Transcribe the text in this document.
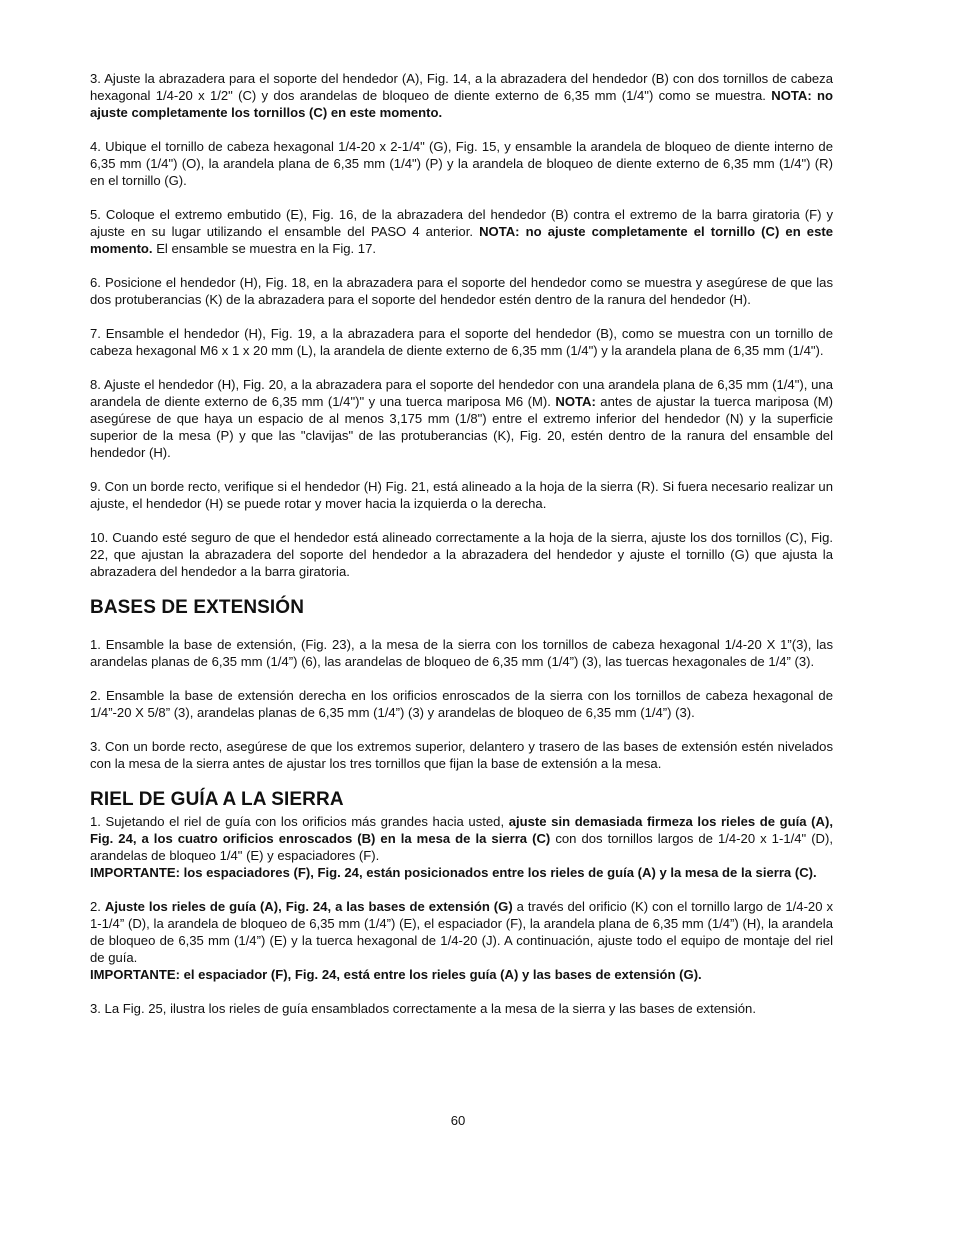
3. Ajuste la abrazadera para el soporte del hendedor (A), Fig. 14, a la abrazadera del hendedor (B) con dos tornillos de cabeza hexagonal 1/4-20 x 1/2" (C) y dos arandelas de bloqueo de diente externo de 6,35 mm (1/4") como se muestra. NOTA: no ajuste completamente los tornillos (C) en este momento.

4. Ubique el tornillo de cabeza hexagonal 1/4-20 x 2-1/4" (G), Fig. 15, y ensamble la arandela de bloqueo de diente interno de 6,35 mm (1/4") (O), la arandela plana de 6,35 mm (1/4") (P) y la arandela de bloqueo de diente externo de 6,35 mm (1/4") (R) en el tornillo (G).

5. Coloque el extremo embutido (E), Fig. 16, de la abrazadera del hendedor (B) contra el extremo de la barra giratoria (F) y ajuste en su lugar utilizando el ensamble del PASO 4 anterior. NOTA: no ajuste completamente el tornillo (C) en este momento. El ensamble se muestra en la Fig. 17.

6. Posicione el hendedor (H), Fig. 18, en la abrazadera para el soporte del hendedor como se muestra y asegúrese de que las dos protuberancias (K) de la abrazadera para el soporte del hendedor estén dentro de la ranura del hendedor (H).

7. Ensamble el hendedor (H), Fig. 19, a la abrazadera para el soporte del hendedor (B), como se muestra con un tornillo de cabeza hexagonal M6 x 1 x 20 mm (L), la arandela de diente externo de 6,35 mm (1/4") y la arandela plana de 6,35 mm (1/4").

8. Ajuste el hendedor (H), Fig. 20, a la abrazadera para el soporte del hendedor con una arandela plana de 6,35 mm (1/4"), una arandela de diente externo de 6,35 mm (1/4")" y una tuerca mariposa M6 (M). NOTA: antes de ajustar la tuerca mariposa (M) asegúrese de que haya un espacio de al menos 3,175 mm (1/8") entre el extremo inferior del hendedor (N) y la superficie superior de la mesa (P) y que las "clavijas" de las protuberancias (K), Fig. 20, estén dentro de la ranura del ensamble del hendedor (H).

9. Con un borde recto, verifique si el hendedor (H) Fig. 21, está alineado a la hoja de la sierra (R). Si fuera necesario realizar un ajuste, el hendedor (H) se puede rotar y mover hacia la izquierda o la derecha.

10. Cuando esté seguro de que el hendedor está alineado correctamente a la hoja de la sierra, ajuste los dos tornillos (C), Fig. 22, que ajustan la abrazadera del soporte del hendedor a la abrazadera del hendedor y ajuste el tornillo (G) que ajusta la abrazadera del hendedor a la barra giratoria.

BASES DE EXTENSIÓN

1. Ensamble la base de extensión, (Fig. 23), a la mesa de la sierra con los tornillos de cabeza hexagonal 1/4-20 X 1”(3), las arandelas planas de 6,35 mm (1/4”) (6), las arandelas de bloqueo de 6,35 mm (1/4”) (3), las tuercas hexagonales de 1/4” (3).

2. Ensamble la base de extensión derecha en los orificios enroscados de la sierra con los tornillos de cabeza hexagonal de 1/4”-20 X 5/8” (3), arandelas planas de 6,35 mm (1/4”) (3) y arandelas de bloqueo de 6,35 mm (1/4”) (3).

3. Con un borde recto, asegúrese de que los extremos superior, delantero y trasero de las bases de extensión estén nivelados con la mesa de la sierra antes de ajustar los tres tornillos que fijan la base de extensión a la mesa.

RIEL DE GUÍA A LA SIERRA

1. Sujetando el riel de guía con los orificios más grandes hacia usted, ajuste sin demasiada firmeza los rieles de guía (A), Fig. 24, a los cuatro orificios enroscados (B) en la mesa de la sierra (C) con dos tornillos largos de 1/4-20 x 1-1/4" (D), arandelas de bloqueo 1/4" (E) y espaciadores (F).

IMPORTANTE: los espaciadores (F), Fig. 24, están posicionados entre los rieles de guía (A) y la mesa de la sierra (C).

2. Ajuste los rieles de guía (A), Fig. 24, a las bases de extensión (G) a través del orificio (K) con el tornillo largo de 1/4-20 x 1-1/4” (D), la arandela de bloqueo de 6,35 mm (1/4”) (E), el espaciador (F), la arandela plana de 6,35 mm (1/4”) (H), la arandela de bloqueo de 6,35 mm (1/4”) (E) y la tuerca hexagonal de 1/4-20 (J). A continuación, ajuste todo el equipo de montaje del riel de guía.

IMPORTANTE: el espaciador (F), Fig. 24, está entre los rieles guía (A) y las bases de extensión (G).

3. La Fig. 25, ilustra los rieles de guía ensamblados correctamente a la mesa de la sierra y las bases de extensión.

60
